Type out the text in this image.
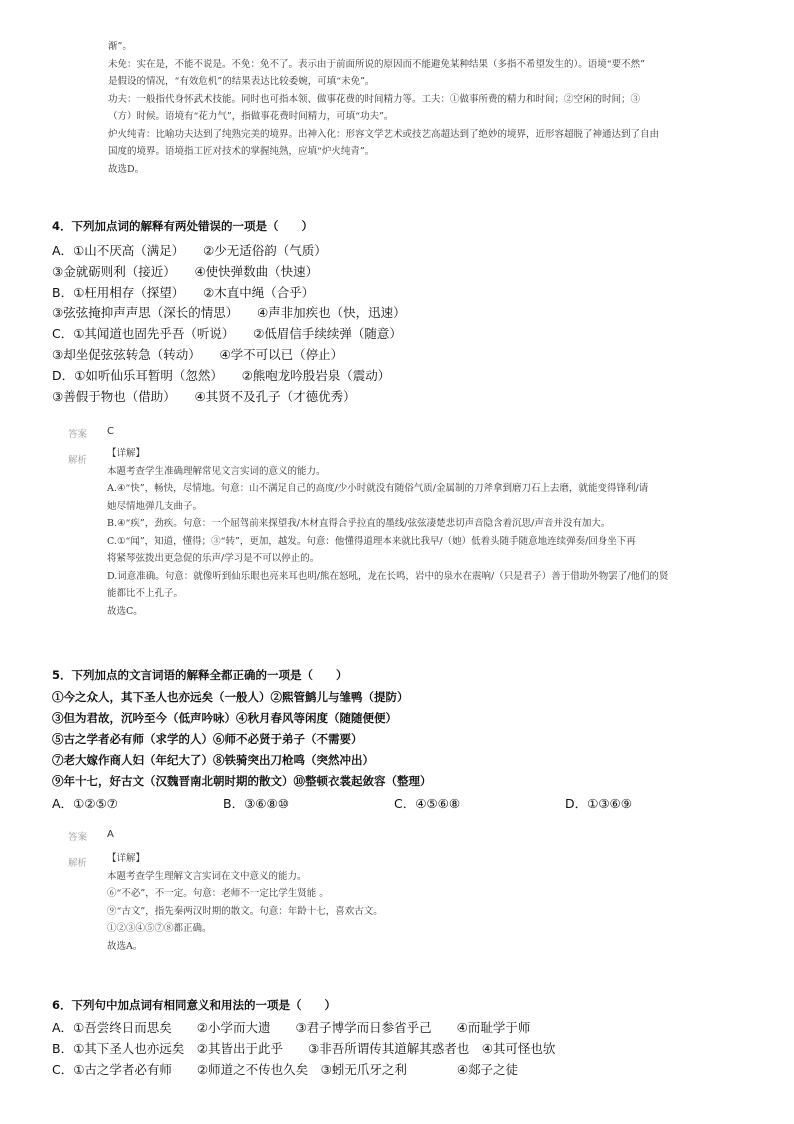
渐”。
未免：实在是，不能不说是。不免：免不了。表示由于前面所说的原因而不能避免某种结果（多指不希望发生的）。语境“要不然”
是假设的情况，“有效危机”的结果表达比较委婉，可填“未免”。
功夫：一般指代身怀武术技能。同时也可指本领、做事花费的时间精力等。工夫：①做事所费的精力和时间；②空闲的时间；③
（方）时候。语境有“花力气”，指做事花费时间精力，可填“功夫”。
炉火纯青：比喻功夫达到了纯熟完美的境界。出神入化：形容文学艺术或技艺高超达到了绝妙的境界，近形容超脱了神通达到了自由
国度的境界。语境指工匠对技术的掌握纯熟，应填“炉火纯青”。
故选D。
4．下列加点词的解释有两处错误的一项是（　　）
A．①山不厌高（满足）　　②少无适俗韵（气质）
③金就砺则利（接近）　　④使快弹数曲（快速）
B．①枉用相存（探望）　　②木直中绳（合乎）
③弦弦掩抑声声思（深长的情思）　　④声非加疾也（快，迅速）
C．①其闻道也固先乎吾（听说）　　②低眉信手续续弹（随意）
③却坐促弦弦转急（转动）　　④学不可以已（停止）
D．①如听仙乐耳暂明（忽然）　　②熊咆龙吟殷岩泉（震动）
③善假于物也（借助）　　④其贤不及孔子（才德优秀）
答案 C
解析
【详解】
本题考查学生准确理解常见文言实词的意义的能力。
A.④“快”，畅快，尽情地。句意：山不满足自己的高度/少小时就没有随俗气质/金属制的刀斧拿到磨刀石上去磨，就能变得锋利/请
她尽情地弹几支曲子。
B.④“疾”，劲疾。句意：一个屈驾前来探望我/木材直得合乎拉直的墨线/弦弦凄楚悲切声音隐含着沉思/声音并没有加大。
C.①“闻”，知道，懂得；③“转”，更加，越发。句意：他懂得道理本来就比我早/（她）低着头随手随意地连续弹奏/回身坐下再
将紧琴弦拨出更急促的乐声/学习是不可以停止的。
D.词意准确。句意：就像听到仙乐眼也亮来耳也明/熊在怒吼，龙在长鸣，岩中的泉水在震响/（只是君子）善于借助外物罢了/他们的贤
能都比不上孔子。
故选C。
5．下列加点的文言词语的解释全都正确的一项是（　　）
①今之众人，其下圣人也亦远矣（一般人）②熙管鹪儿与雏鸭（提防）
③但为君故，沉吟至今（低声吟咏）④秋月春风等闲度（随随便便）
⑤古之学者必有师（求学的人）⑥师不必贤于弟子（不需要）
⑦老大嫁作商人妇（年纪大了）⑧铁骑突出刀枪鸣（突然冲出）
⑨年十七，好古文（汉魏晋南北朝时期的散文）⑩整顿衣裳起敛容（整理）
A．①②⑤⑦	B．③⑥⑧⑩	C．④⑤⑥⑧	D．①③⑥⑨
答案 A
解析 【详解】
本题考查学生理解文言实词在文中意义的能力。
⑥“不必”，不一定。句意：老师不一定比学生贤能 。
⑨“古文”，指先秦两汉时期的散文。句意：年龄十七，喜欢古文。
①②③④⑤⑦⑧都正确。
故选A。
6．下列句中加点词有相同意义和用法的一项是（　　）
A．①吾尝终日而思矣　　②小学而大遗　　③君子博学而日参省乎己　　④而耻学于师
B．①其下圣人也亦远矣　②其皆出于此乎　　③非吾所谓传其道解其惑者也　④其可怪也欤
C．①古之学者必有师　　②师道之不传也久矣　③蚓无爪牙之利　　　　④郯子之徒
